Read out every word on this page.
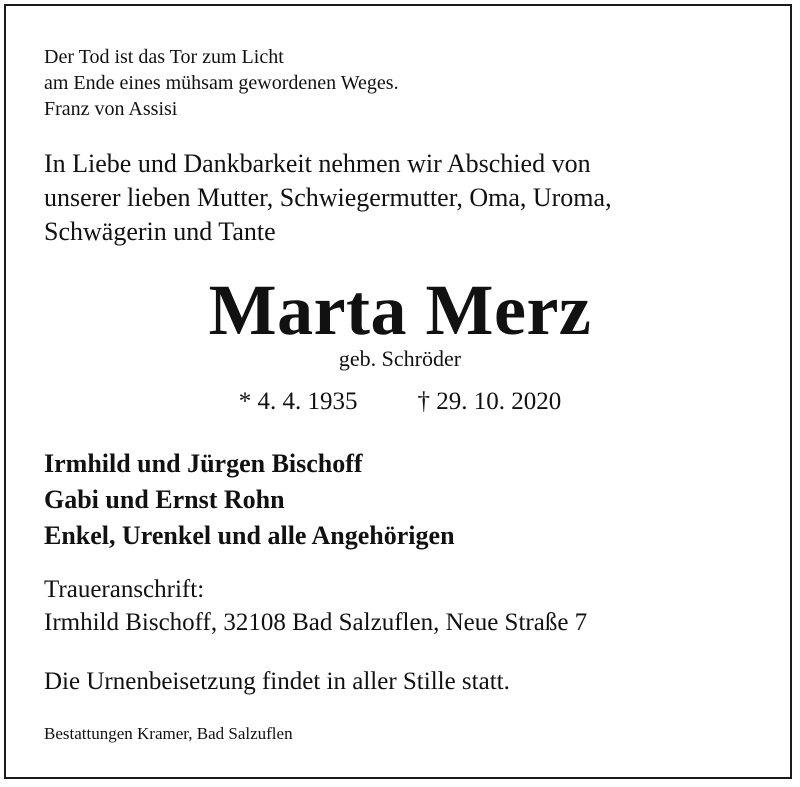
Der Tod ist das Tor zum Licht
am Ende eines mühsam gewordenen Weges.
Franz von Assisi
In Liebe und Dankbarkeit nehmen wir Abschied von
unserer lieben Mutter, Schwiegermutter, Oma, Uroma,
Schwägerin und Tante
Marta Merz
geb. Schröder
* 4. 4. 1935 † 29. 10. 2020
Irmhild und Jürgen Bischoff
Gabi und Ernst Rohn
Enkel, Urenkel und alle Angehörigen
Traueranschrift:
Irmhild Bischoff, 32108 Bad Salzuflen, Neue Straße 7
Die Urnenbeisetzung findet in aller Stille statt.
Bestattungen Kramer, Bad Salzuflen
